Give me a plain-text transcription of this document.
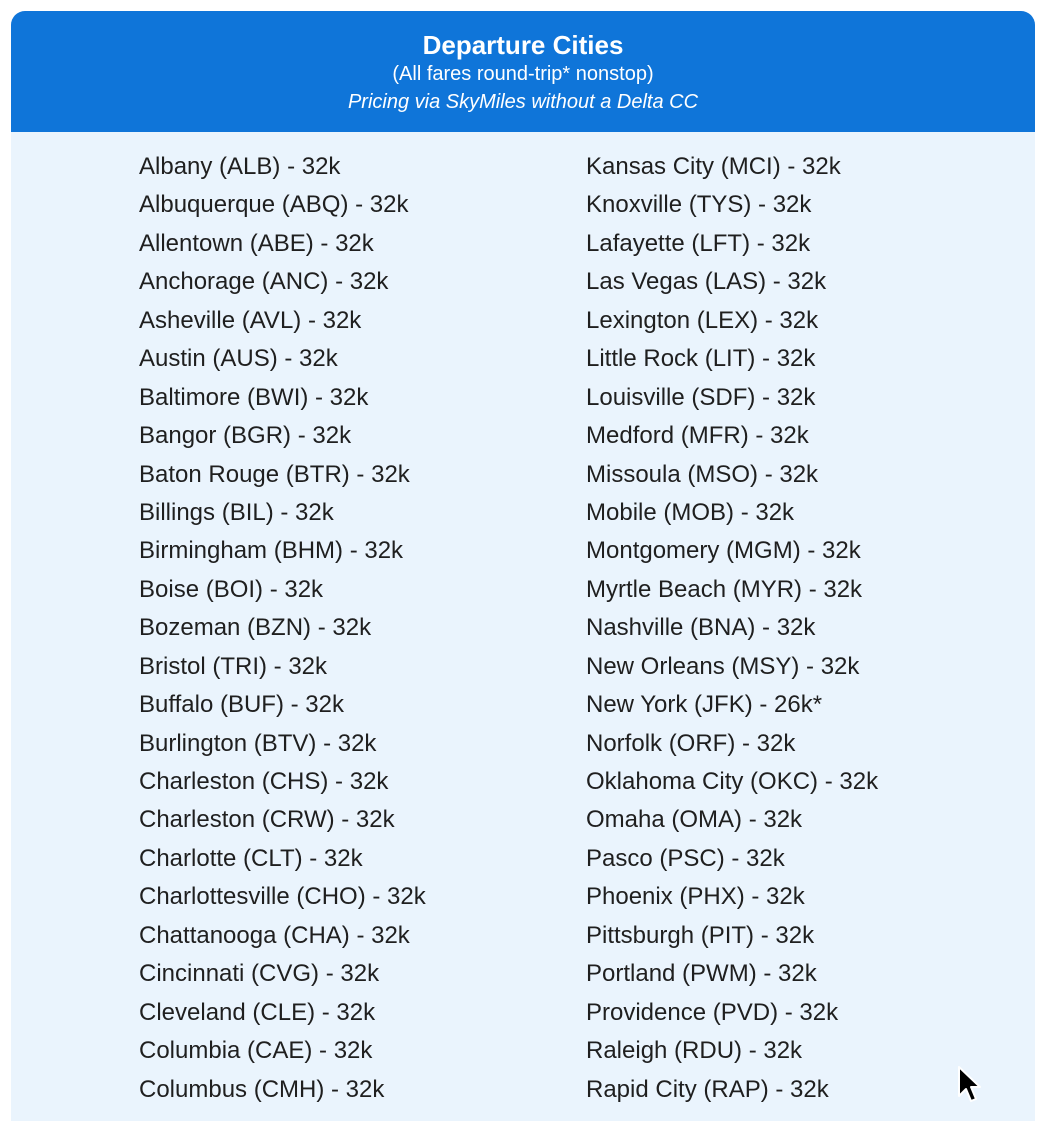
Departure Cities
(All fares round-trip* nonstop)
Pricing via SkyMiles without a Delta CC
Albany (ALB) - 32k
Albuquerque (ABQ) - 32k
Allentown (ABE) - 32k
Anchorage (ANC) - 32k
Asheville (AVL) - 32k
Austin (AUS) - 32k
Baltimore (BWI) - 32k
Bangor (BGR) - 32k
Baton Rouge (BTR) - 32k
Billings (BIL) - 32k
Birmingham (BHM) - 32k
Boise (BOI) - 32k
Bozeman (BZN) - 32k
Bristol (TRI) - 32k
Buffalo (BUF) - 32k
Burlington (BTV) - 32k
Charleston (CHS) - 32k
Charleston (CRW) - 32k
Charlotte (CLT) - 32k
Charlottesville (CHO) - 32k
Chattanooga (CHA) - 32k
Cincinnati (CVG) - 32k
Cleveland (CLE) - 32k
Columbia (CAE) - 32k
Columbus (CMH) - 32k
Kansas City (MCI) - 32k
Knoxville (TYS) - 32k
Lafayette (LFT) - 32k
Las Vegas (LAS) - 32k
Lexington (LEX) - 32k
Little Rock (LIT) - 32k
Louisville (SDF) - 32k
Medford (MFR) - 32k
Missoula (MSO) - 32k
Mobile (MOB) - 32k
Montgomery (MGM) - 32k
Myrtle Beach (MYR) - 32k
Nashville (BNA) - 32k
New Orleans (MSY) - 32k
New York (JFK) - 26k*
Norfolk (ORF) - 32k
Oklahoma City (OKC) - 32k
Omaha (OMA) - 32k
Pasco (PSC) - 32k
Phoenix (PHX) - 32k
Pittsburgh (PIT) - 32k
Portland (PWM) - 32k
Providence (PVD) - 32k
Raleigh (RDU) - 32k
Rapid City (RAP) - 32k
